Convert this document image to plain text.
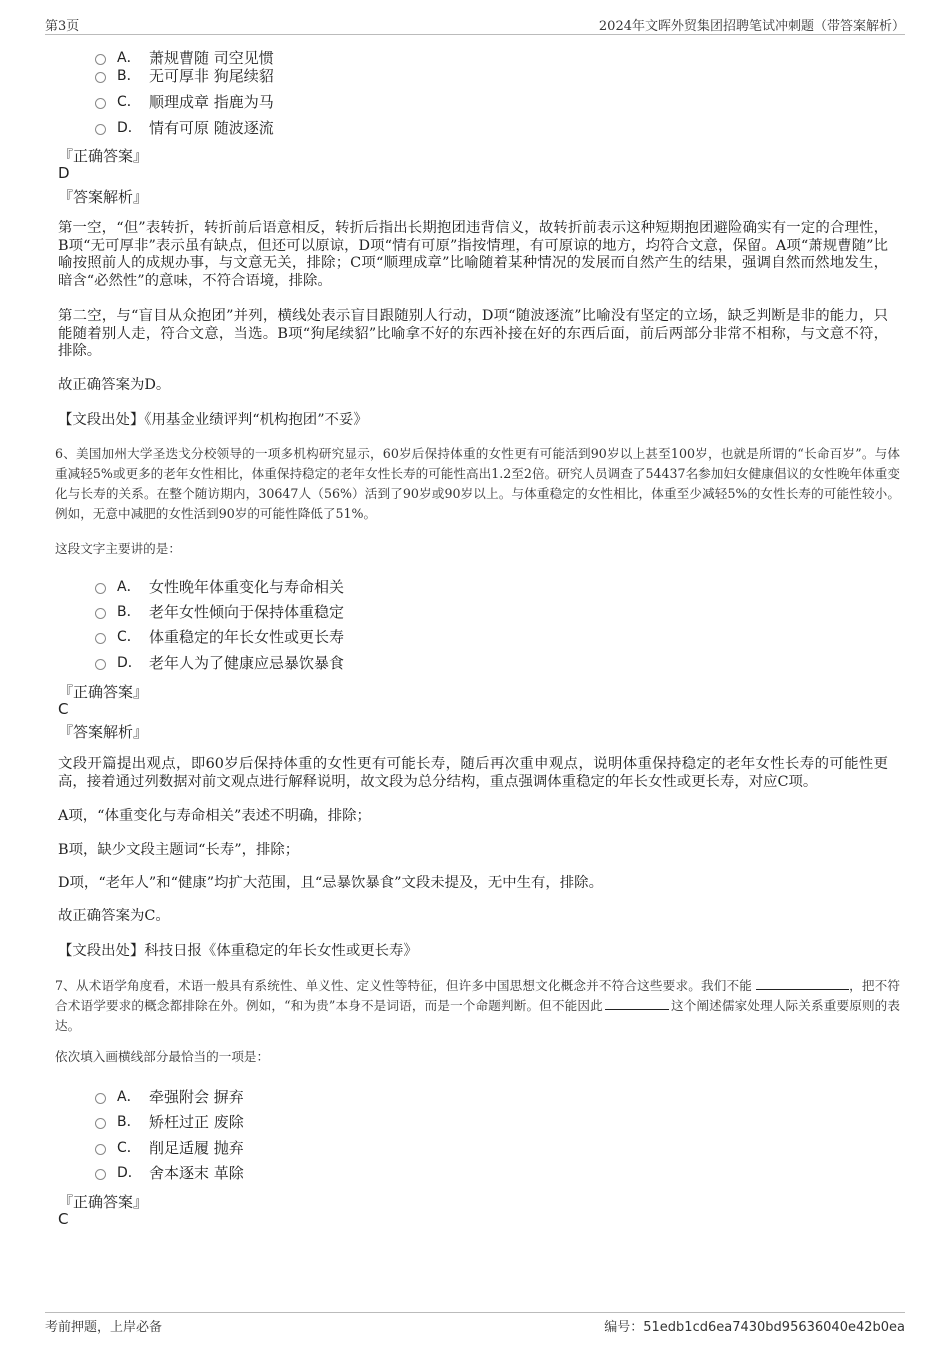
第3页	2024年文晖外贸集团招聘笔试冲刺题（带答案解析）
A． 萧规曹随 司空见惯
B． 无可厚非 狗尾续貂
C． 顺理成章 指鹿为马
D． 情有可原 随波逐流
『正确答案』
D
『答案解析』

第一空，“但”表转折，转折前后语意相反，转折后指出长期抱团违背信义，故转折前表示这种短期抱团避险确实有一定的合理性，B项“无可厚非”表示虽有缺点，但还可以原谅，D项“情有可原”指按情理，有可原谅的地方，均符合文意，保留。A项“萧规曹随”比喻按照前人的成规办事，与文意无关，排除；C项“顺理成章”比喻随着某种情况的发展而自然产生的结果，强调自然而然地发生，暗含“必然性”的意味，不符合语境，排除。

第二空，与“盲目从众抱团”并列，横线处表示盲目跟随别人行动，D项“随波逐流”比喻没有坚定的立场，缺乏判断是非的能力，只能随着别人走，符合文意，当选。B项“狗尾续貂”比喻拿不好的东西补接在好的东西后面，前后两部分非常不相称，与文意不符，排除。

故正确答案为D。

【文段出处】《用基金业绩评判“机构抱团”不妥》

6、美国加州大学圣迭戈分校领导的一项多机构研究显示，60岁后保持体重的女性更有可能活到90岁以上甚至100岁，也就是所谓的“长命百岁”。与体重减轻5%或更多的老年女性相比，体重保持稳定的老年女性长寿的可能性高出1.2至2倍。研究人员调查了54437名参加妇女健康倡议的女性晚年体重变化与长寿的关系。在整个随访期内，30647人（56%）活到了90岁或90岁以上。与体重稳定的女性相比，体重至少减轻5%的女性长寿的可能性较小。例如，无意中减肥的女性活到90岁的可能性降低了51%。

这段文字主要讲的是：

A． 女性晚年体重变化与寿命相关
B． 老年女性倾向于保持体重稳定
C． 体重稳定的年长女性或更长寿
D． 老年人为了健康应忌暴饮暴食
『正确答案』
C
『答案解析』

文段开篇提出观点，即60岁后保持体重的女性更有可能长寿，随后再次重申观点，说明体重保持稳定的老年女性长寿的可能性更高，接着通过列数据对前文观点进行解释说明，故文段为总分结构，重点强调体重稳定的年长女性或更长寿，对应C项。

A项，“体重变化与寿命相关”表述不明确，排除；

B项，缺少文段主题词“长寿”，排除；

D项，“老年人”和“健康”均扩大范围，且“忌暴饮暴食”文段未提及，无中生有，排除。

故正确答案为C。

【文段出处】科技日报《体重稳定的年长女性或更长寿》

7、从术语学角度看，术语一般具有系统性、单义性、定义性等特征，但许多中国思想文化概念并不符合这些要求。我们不能	，把不符合术语学要求的概念都排除在外。例如，“和为贵”本身不是词语，而是一个命题判断。但不能因此	这个阐述儒家处理人际关系重要原则的表达。

依次填入画横线部分最恰当的一项是：

A． 牵强附会 摒弃
B． 矫枉过正 废除
C． 削足适履 抛弃
D． 舍本逐末 革除
『正确答案』
C
考前押题，上岸必备	编号：51edb1cd6ea7430bd95636040e42b0ea
